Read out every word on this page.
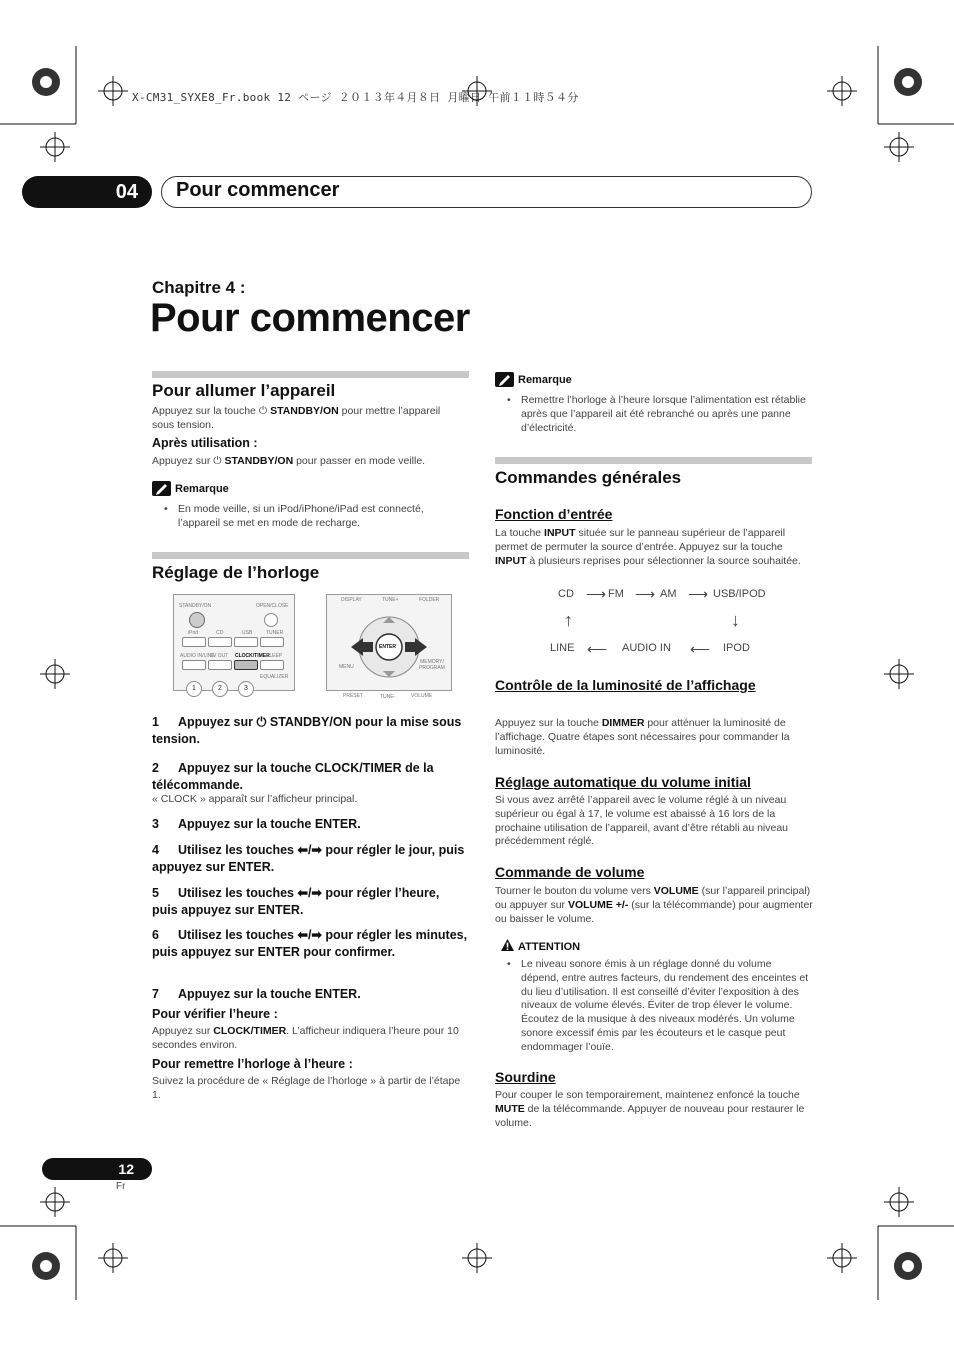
X-CM31_SYXE8_Fr.book 12 ページ ２０１３年４月８日 月曜日 午前１１時５４分
04	Pour commencer
Chapitre 4 :
Pour commencer
Pour allumer l’appareil
Appuyez sur la touche ⏻ STANDBY/ON pour mettre l’appareil sous tension.
Après utilisation :
Appuyez sur ⏻ STANDBY/ON pour passer en mode veille.
Remarque
• En mode veille, si un iPod/iPhone/iPad est connecté, l’appareil se met en mode de recharge.
Réglage de l’horloge
STANDBY/ON	OPEN/CLOSE
iPod	CD	USB	TUNER
AUDIO IN/LINE
TV OUT CLOCK/TIMER
SLEEP
EQUALIZER
1	2	3
DISPLAY	TUNE+	FOLDER
ENTER
MENU
MEMORY/ PROGRAM
PRESET	TUNE-	VOLUME
1 Appuyez sur ⏻ STANDBY/ON pour la mise sous tension.
2 Appuyez sur la touche CLOCK/TIMER de la télécommande.
« CLOCK » apparaît sur l’afficheur principal.
3 Appuyez sur la touche ENTER.
4 Utilisez les touches ⬅/➡ pour régler le jour, puis appuyez sur ENTER.
5 Utilisez les touches ⬅/➡ pour régler l’heure, puis appuyez sur ENTER.
6 Utilisez les touches ⬅/➡ pour régler les minutes, puis appuyez sur ENTER pour confirmer.
7 Appuyez sur la touche ENTER.
Pour vérifier l’heure :
Appuyez sur CLOCK/TIMER. L’afficheur indiquera l’heure pour 10 secondes environ.
Pour remettre l’horloge à l’heure :
Suivez la procédure de « Réglage de l’horloge » à partir de l’étape 1.
Remarque
• Remettre l’horloge à l’heure lorsque l’alimentation est rétablie après que l’appareil ait été rebranché ou après une panne d’électricité.
Commandes générales
Fonction d’entrée
La touche INPUT située sur le panneau supérieur de l’appareil permet de permuter la source d’entrée. Appuyez sur la touche INPUT à plusieurs reprises pour sélectionner la source souhaitée.
CD ⟶ FM ⟶ AM ⟶ USB/IPOD
↑	↓
LINE ⟵ AUDIO IN ⟵ IPOD
Contrôle de la luminosité de l’affichage
Appuyez sur la touche DIMMER pour atténuer la luminosité de l’affichage. Quatre étapes sont nécessaires pour commander la luminosité.
Réglage automatique du volume initial
Si vous avez arrêté l’appareil avec le volume réglé à un niveau supérieur ou égal à 17, le volume est abaissé à 16 lors de la prochaine utilisation de l’appareil, avant d’être rétabli au niveau précédemment réglé.
Commande de volume
Tourner le bouton du volume vers VOLUME (sur l’appareil principal) ou appuyer sur VOLUME +/- (sur la télécommande) pour augmenter ou baisser le volume.
ATTENTION
• Le niveau sonore émis à un réglage donné du volume dépend, entre autres facteurs, du rendement des enceintes et du lieu d’utilisation. Il est conseillé d’éviter l’exposition à des niveaux de volume élevés. Éviter de trop élever le volume. Écoutez de la musique à des niveaux modérés. Un volume sonore excessif émis par les écouteurs et le casque peut endommager l’ouïe.
Sourdine
Pour couper le son temporairement, maintenez enfoncé la touche MUTE de la télécommande. Appuyer de nouveau pour restaurer le volume.
12
Fr
